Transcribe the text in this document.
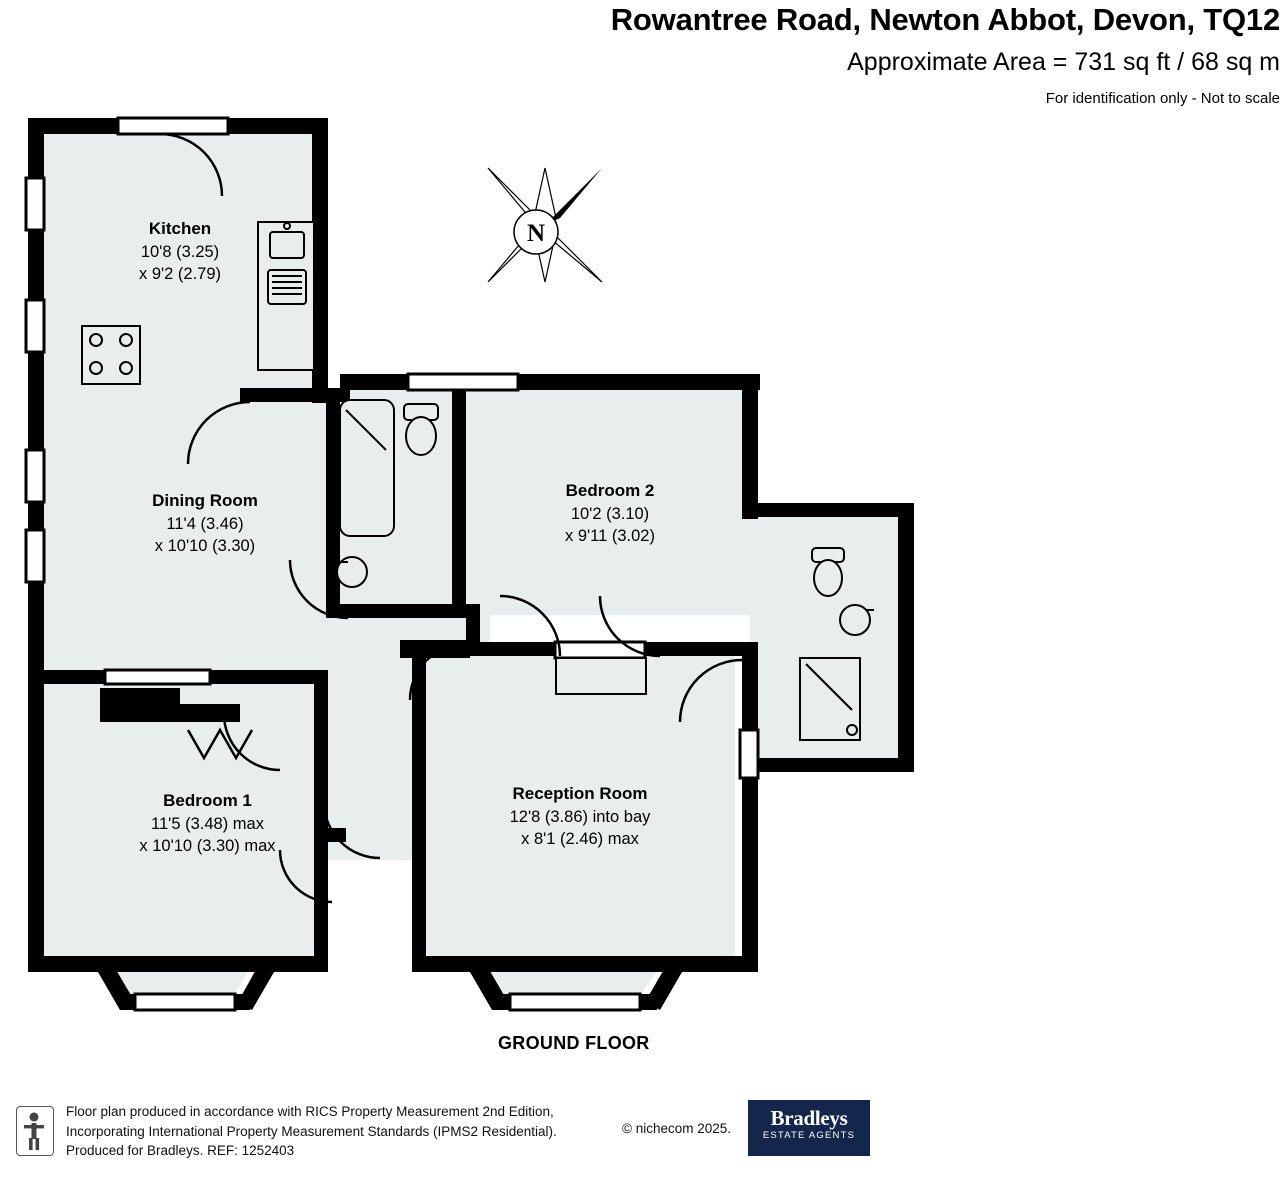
Rowantree Road, Newton Abbot, Devon, TQ12
Approximate Area = 731 sq ft / 68 sq m
For identification only - Not to scale
Kitchen
10'8 (3.25)
x 9'2 (2.79)
Dining Room
11'4 (3.46)
x 10'10 (3.30)
Bedroom 2
10'2 (3.10)
x 9'11 (3.02)
Bedroom 1
11'5 (3.48) max
x 10'10 (3.30) max
Reception Room
12'8 (3.86) into bay
x 8'1 (2.46) max
GROUND FLOOR
N
Floor plan produced in accordance with RICS Property Measurement 2nd Edition,
Incorporating International Property Measurement Standards (IPMS2 Residential).
Produced for Bradleys. REF: 1252403
© nichecom 2025.	Bradleys
ESTATE AGENTS
